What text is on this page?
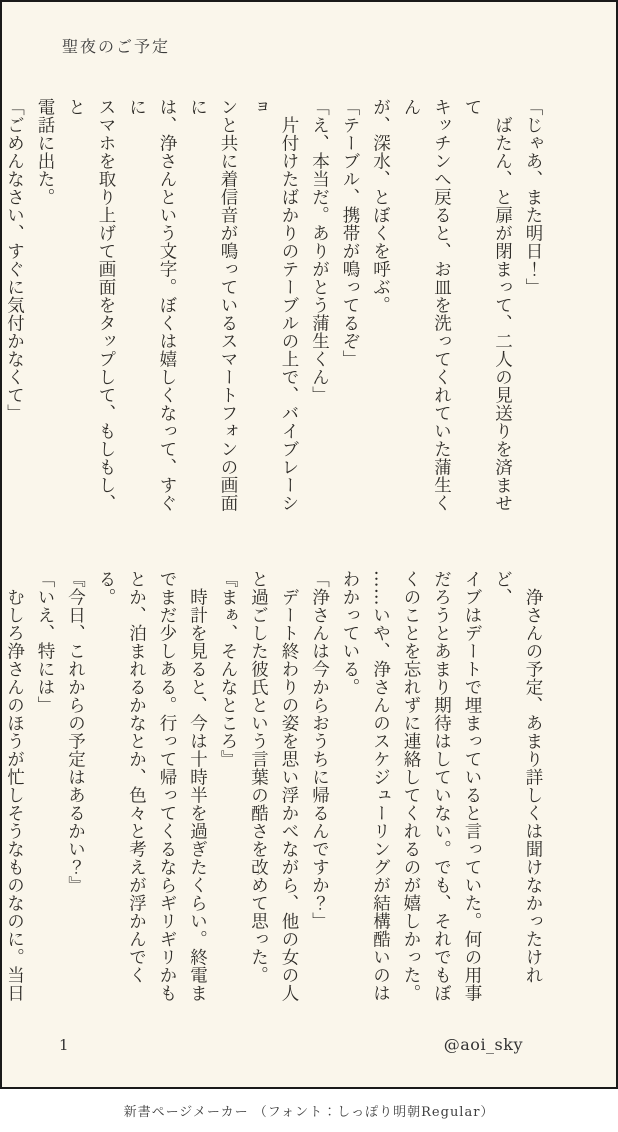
聖夜のご予定
「じゃあ、また明日！」
ばたん、と扉が閉まって、二人の見送りを済ませて
キッチンへ戻ると、お皿を洗ってくれていた蒲生くん
が、深水、とぼくを呼ぶ。
「テーブル、携帯が鳴ってるぞ」
「え、本当だ。ありがとう蒲生くん」
片付けたばかりのテーブルの上で、バイブレーショ
ンと共に着信音が鳴っているスマートフォンの画面に
は、浄さんという文字。ぼくは嬉しくなって、すぐに
スマホを取り上げて画面をタップして、もしもし、と
電話に出た。
「ごめんなさい、すぐに気付かなくて」
浄さんの予定、あまり詳しくは聞けなかったけれど、
イブはデートで埋まっていると言っていた。何の用事
だろうとあまり期待はしていない。でも、それでもぼ
くのことを忘れずに連絡してくれるのが嬉しかった。
……いや、浄さんのスケジューリングが結構酷いのは
わかっている。
「浄さんは今からおうちに帰るんですか？」
デート終わりの姿を思い浮かべながら、他の女の人
と過ごした彼氏という言葉の酷さを改めて思った。
『まぁ、そんなところ』
時計を見ると、今は十時半を過ぎたくらい。終電ま
でまだ少しある。行って帰ってくるならギリギリかも
とか、泊まれるかなとか、色々と考えが浮かんでくる。
『今日、これからの予定はあるかい？』
「いえ、特には」
むしろ浄さんのほうが忙しそうなものなのに。当日
1	@aoi_sky
新書ページメーカー （フォント：しっぽり明朝Regular）
